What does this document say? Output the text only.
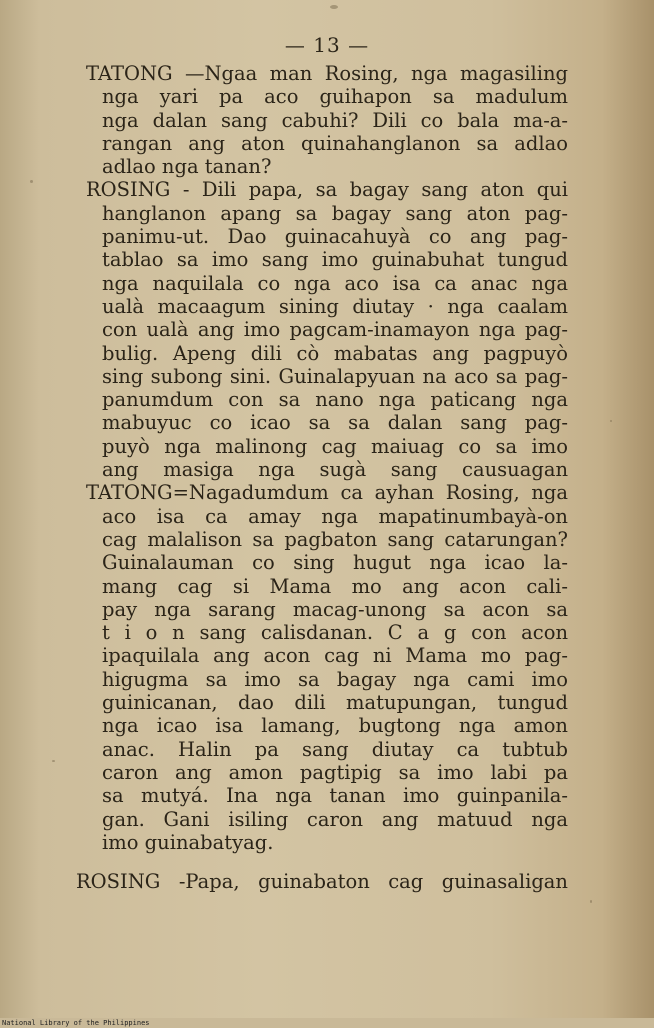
— 13 —
TATONG —Ngaa man Rosing, nga magasiling
nga yari pa aco guihapon sa madulum
nga dalan sang cabuhi? Dili co bala ma-a-
rangan ang aton quinahanglanon sa adlao
adlao nga tanan?
ROSING - Dili papa, sa bagay sang aton qui
hanglanon apang sa bagay sang aton pag-
panimu-ut. Dao guinacahuyà co ang pag-
tablao sa imo sang imo guinabuhat tungud
nga naquilala co nga aco isa ca anac nga
ualà macaagum sining diutay · nga caalam
con ualà ang imo pagcam-inamayon nga pag-
bulig. Apeng dili cò mabatas ang pagpuyò
sing subong sini. Guinalapyuan na aco sa pag-
panumdum con sa nano nga paticang nga
mabuyuc co icao sa sa dalan sang pag-
puyò nga malinong cag maiuag co sa imo
ang masiga nga sugà sang causuagan
TATONG=Nagadumdum ca ayhan Rosing, nga
aco isa ca amay nga mapatinumbayà-on
cag malalison sa pagbaton sang catarungan?
Guinalauman co sing hugut nga icao la-
mang cag si Mama mo ang acon cali-
pay nga sarang macag-unong sa acon sa
t i o n sang calisdanan. C a g con acon
ipaquilala ang acon cag ni Mama mo pag-
higugma sa imo sa bagay nga cami imo
guinicanan, dao dili matupungan, tungud
nga icao isa lamang, bugtong nga amon
anac. Halin pa sang diutay ca tubtub
caron ang amon pagtipig sa imo labi pa
sa mutyá. Ina nga tanan imo guinpanila-
gan. Gani isiling caron ang matuud nga
imo guinabatyag.
ROSING -Papa, guinabaton cag guinasaligan
National Library of the Philippines
